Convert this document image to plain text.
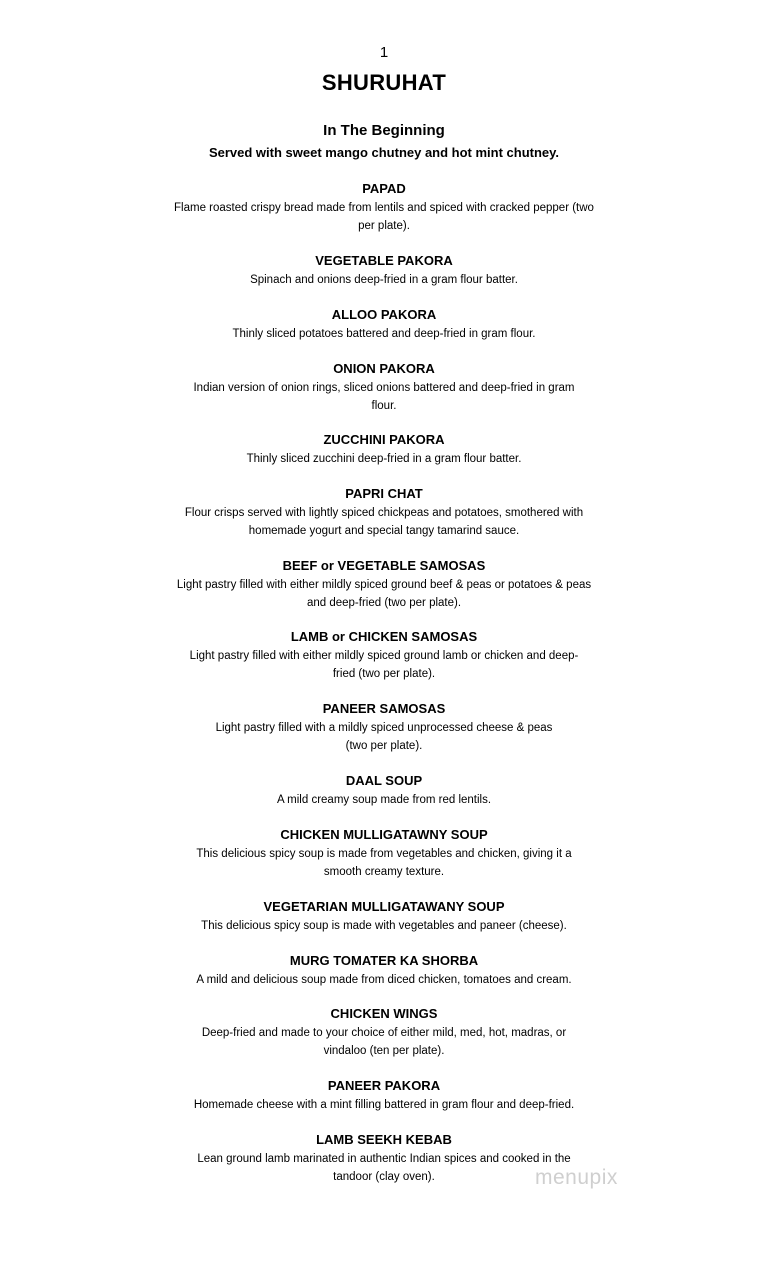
1
SHURUHAT
In The Beginning
Served with sweet mango chutney and hot mint chutney.
PAPAD
Flame roasted crispy bread made from lentils and spiced with cracked pepper (two per plate).
VEGETABLE PAKORA
Spinach and onions deep-fried in a gram flour batter.
ALLOO PAKORA
Thinly sliced potatoes battered and deep-fried in gram flour.
ONION PAKORA
Indian version of onion rings, sliced onions battered and deep-fried in gram flour.
ZUCCHINI PAKORA
Thinly sliced zucchini deep-fried in a gram flour batter.
PAPRI CHAT
Flour crisps served with lightly spiced chickpeas and potatoes, smothered with homemade yogurt and special tangy tamarind sauce.
BEEF or VEGETABLE SAMOSAS
Light pastry filled with either mildly spiced ground beef & peas or potatoes & peas and deep-fried (two per plate).
LAMB or CHICKEN SAMOSAS
Light pastry filled with either mildly spiced ground lamb or chicken and deep-fried (two per plate).
PANEER SAMOSAS
Light pastry filled with a mildly spiced unprocessed cheese & peas (two per plate).
DAAL SOUP
A mild creamy soup made from red lentils.
CHICKEN MULLIGATAWNY SOUP
This delicious spicy soup is made from vegetables and chicken, giving it a smooth creamy texture.
VEGETARIAN MULLIGATAWANY SOUP
This delicious spicy soup is made with vegetables and paneer (cheese).
MURG TOMATER KA SHORBA
A mild and delicious soup made from diced chicken, tomatoes and cream.
CHICKEN WINGS
Deep-fried and made to your choice of either mild, med, hot, madras, or vindaloo (ten per plate).
PANEER PAKORA
Homemade cheese with a mint filling battered in gram flour and deep-fried.
LAMB SEEKH KEBAB
Lean ground lamb marinated in authentic Indian spices and cooked in the tandoor (clay oven).	menupix
